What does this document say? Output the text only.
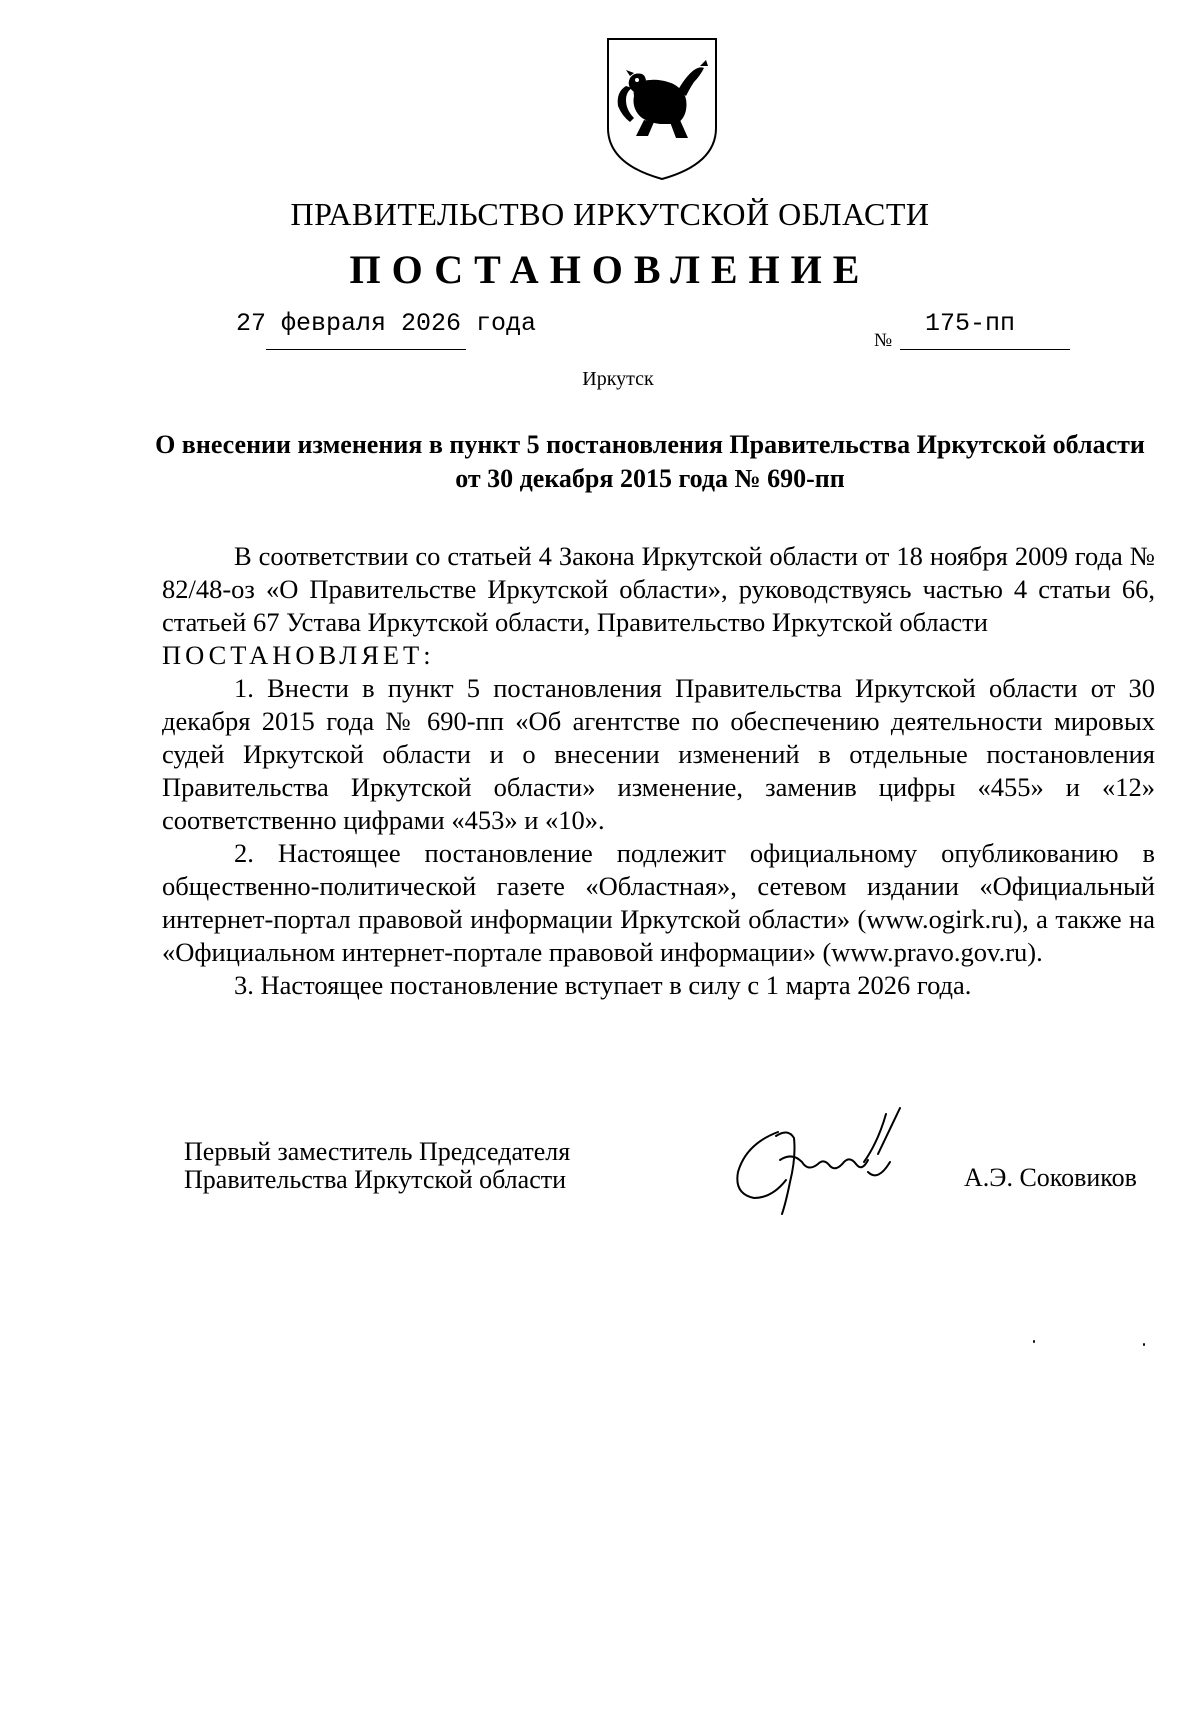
ПРАВИТЕЛЬСТВО ИРКУТСКОЙ ОБЛАСТИ
ПОСТАНОВЛЕНИЕ
27 февраля 2026 года
№
175-пп
Иркутск
О внесении изменения в пункт 5 постановления Правительства Иркутской области от 30 декабря 2015 года № 690-пп

В соответствии со статьей 4 Закона Иркутской области от 18 ноября 2009 года № 82/48-оз «О Правительстве Иркутской области», руководствуясь частью 4 статьи 66, статьей 67 Устава Иркутской области, Правительство Иркутской области

ПОСТАНОВЛЯЕТ:

1. Внести в пункт 5 постановления Правительства Иркутской области от 30 декабря 2015 года № 690-пп «Об агентстве по обеспечению деятельности мировых судей Иркутской области и о внесении изменений в отдельные постановления Правительства Иркутской области» изменение, заменив цифры «455» и «12» соответственно цифрами «453» и «10».

2. Настоящее постановление подлежит официальному опубликованию в общественно-политической газете «Областная», сетевом издании «Официальный интернет-портал правовой информации Иркутской области» (www.ogirk.ru), а также на «Официальном интернет-портале правовой информации» (www.pravo.gov.ru).

3. Настоящее постановление вступает в силу с 1 марта 2026 года.

Первый заместитель Председателя
Правительства Иркутской области	А.Э. Соковиков
